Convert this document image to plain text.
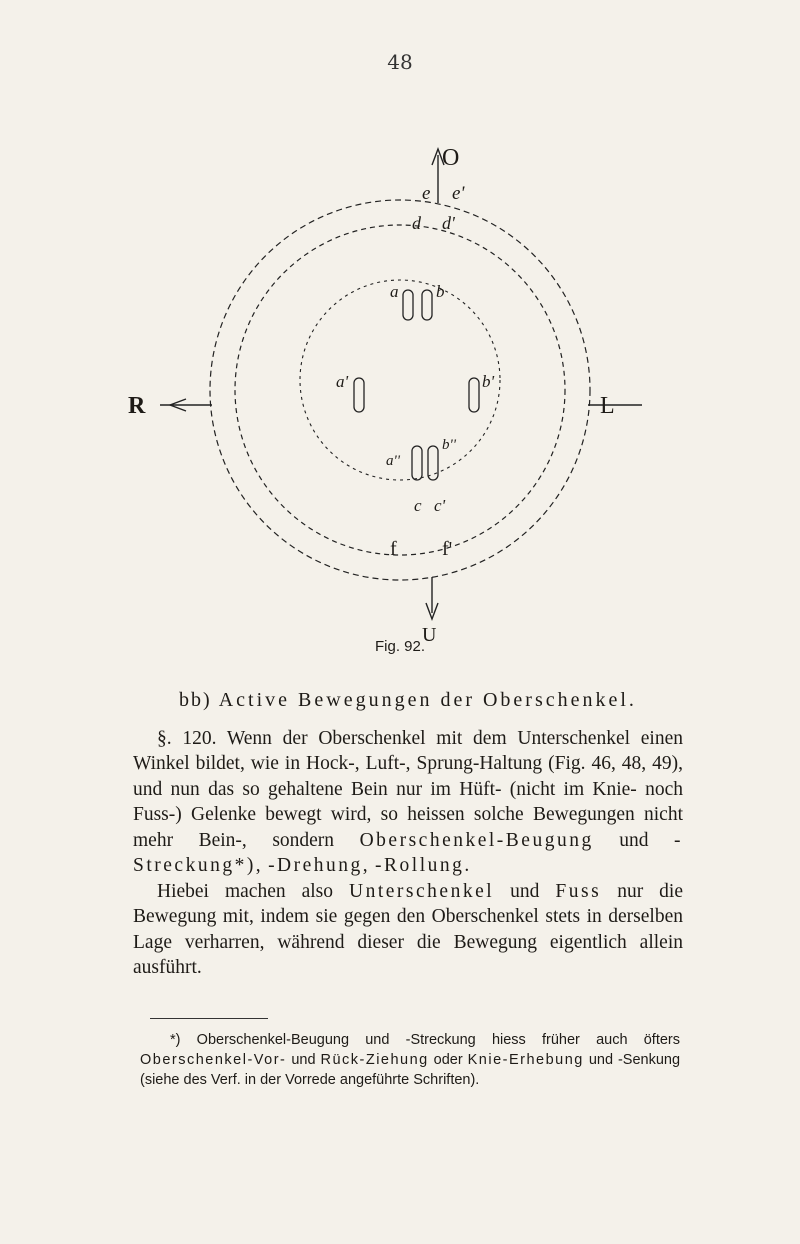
48
O
U
R	L
e e'
d d'
a b
a'	b'
a''
b''
c c'
f f'
Fig. 92.
bb) Active Bewegungen der Oberschenkel.

§. 120. Wenn der Oberschenkel mit dem Unterschenkel einen Winkel bildet, wie in Hock-, Luft-, Sprung-Haltung (Fig. 46, 48, 49), und nun das so gehaltene Bein nur im Hüft- (nicht im Knie- noch Fuss-) Gelenke bewegt wird, so heissen solche Bewegungen nicht mehr Bein-, sondern Oberschenkel-Beugung und -Streckung*), -Drehung, -Rollung.

Hiebei machen also Unterschenkel und Fuss nur die Bewegung mit, indem sie gegen den Oberschenkel stets in derselben Lage verharren, während dieser die Bewegung eigentlich allein ausführt.

*) Oberschenkel-Beugung und -Streckung hiess früher auch öfters Oberschenkel-Vor- und Rück-Ziehung oder Knie-Erhebung und -Senkung (siehe des Verf. in der Vorrede angeführte Schriften).
